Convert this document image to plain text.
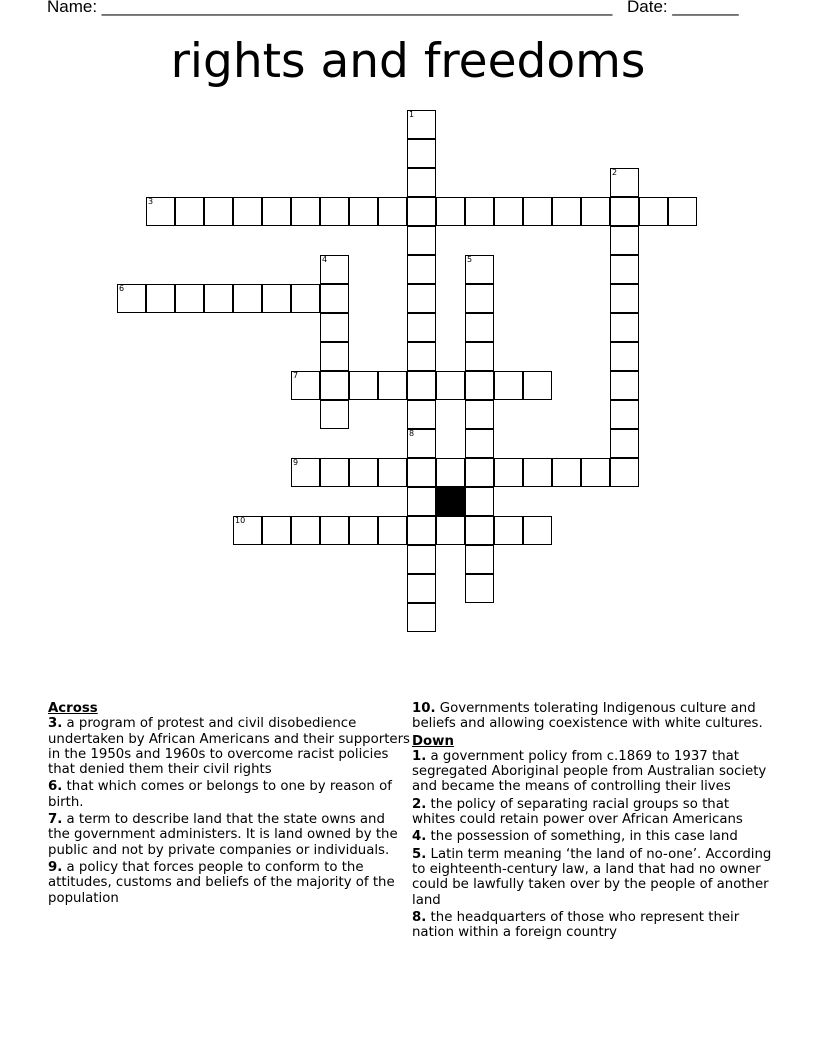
Name: ______________________________________________________ Date: _______
rights and freedoms
1
8
2
3
4	5
6
7
9
10
Across
3. a program of protest and civil disobedience undertaken by African Americans and their supporters in the 1950s and 1960s to overcome racist policies that denied them their civil rights
6. that which comes or belongs to one by reason of birth.
7. a term to describe land that the state owns and the government administers. It is land owned by the public and not by private companies or individuals.
9. a policy that forces people to conform to the attitudes, customs and beliefs of the majority of the population
10. Governments tolerating Indigenous culture and beliefs and allowing coexistence with white cultures.
Down
1. a government policy from c.1869 to 1937 that segregated Aboriginal people from Australian society and became the means of controlling their lives
2. the policy of separating racial groups so that whites could retain power over African Americans
4. the possession of something, in this case land
5. Latin term meaning ‘the land of no-one’. According to eighteenth-century law, a land that had no owner could be lawfully taken over by the people of another land
8. the headquarters of those who represent their nation within a foreign country
